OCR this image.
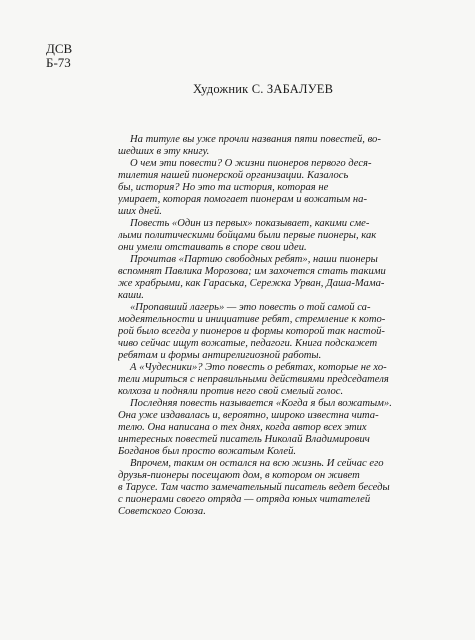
ДСВ
Б-73
Художник С. ЗАБАЛУЕВ
На титуле вы уже прочли названия пяти повестей, во-
шедших в эту книгу.
О чем эти повести? О жизни пионеров первого деся-
тилетия нашей пионерской организации. Казалось
бы, история? Но это та история, которая не
умирает, которая помогает пионерам и вожатым на-
ших дней.
Повесть «Один из первых» показывает, какими сме-
лыми политическими бойцами были первые пионеры, как
они умели отстаивать в споре свои идеи.
Прочитав «Партию свободных ребят», наши пионеры
вспомнят Павлика Морозова; им захочется стать такими
же храбрыми, как Гараська, Сережка Урван, Даша-Мама-
каши.
«Пропавший лагерь» — это повесть о той самой са-
модеятельности и инициативе ребят, стремление к кото-
рой было всегда у пионеров и формы которой так настой-
чиво сейчас ищут вожатые, педагоги. Книга подскажет
ребятам и формы антирелигиозной работы.
А «Чудесники»? Это повесть о ребятах, которые не хо-
тели мириться с неправильными действиями председателя
колхоза и подняли против него свой смелый голос.
Последняя повесть называется «Когда я был вожатым».
Она уже издавалась и, вероятно, широко известна чита-
телю. Она написана о тех днях, когда автор всех этих
интересных повестей писатель Николай Владимирович
Богданов был просто вожатым Колей.
Впрочем, таким он остался на всю жизнь. И сейчас его
друзья-пионеры посещают дом, в котором он живет
в Тарусе. Там часто замечательный писатель ведет беседы
с пионерами своего отряда — отряда юных читателей
Советского Союза.
